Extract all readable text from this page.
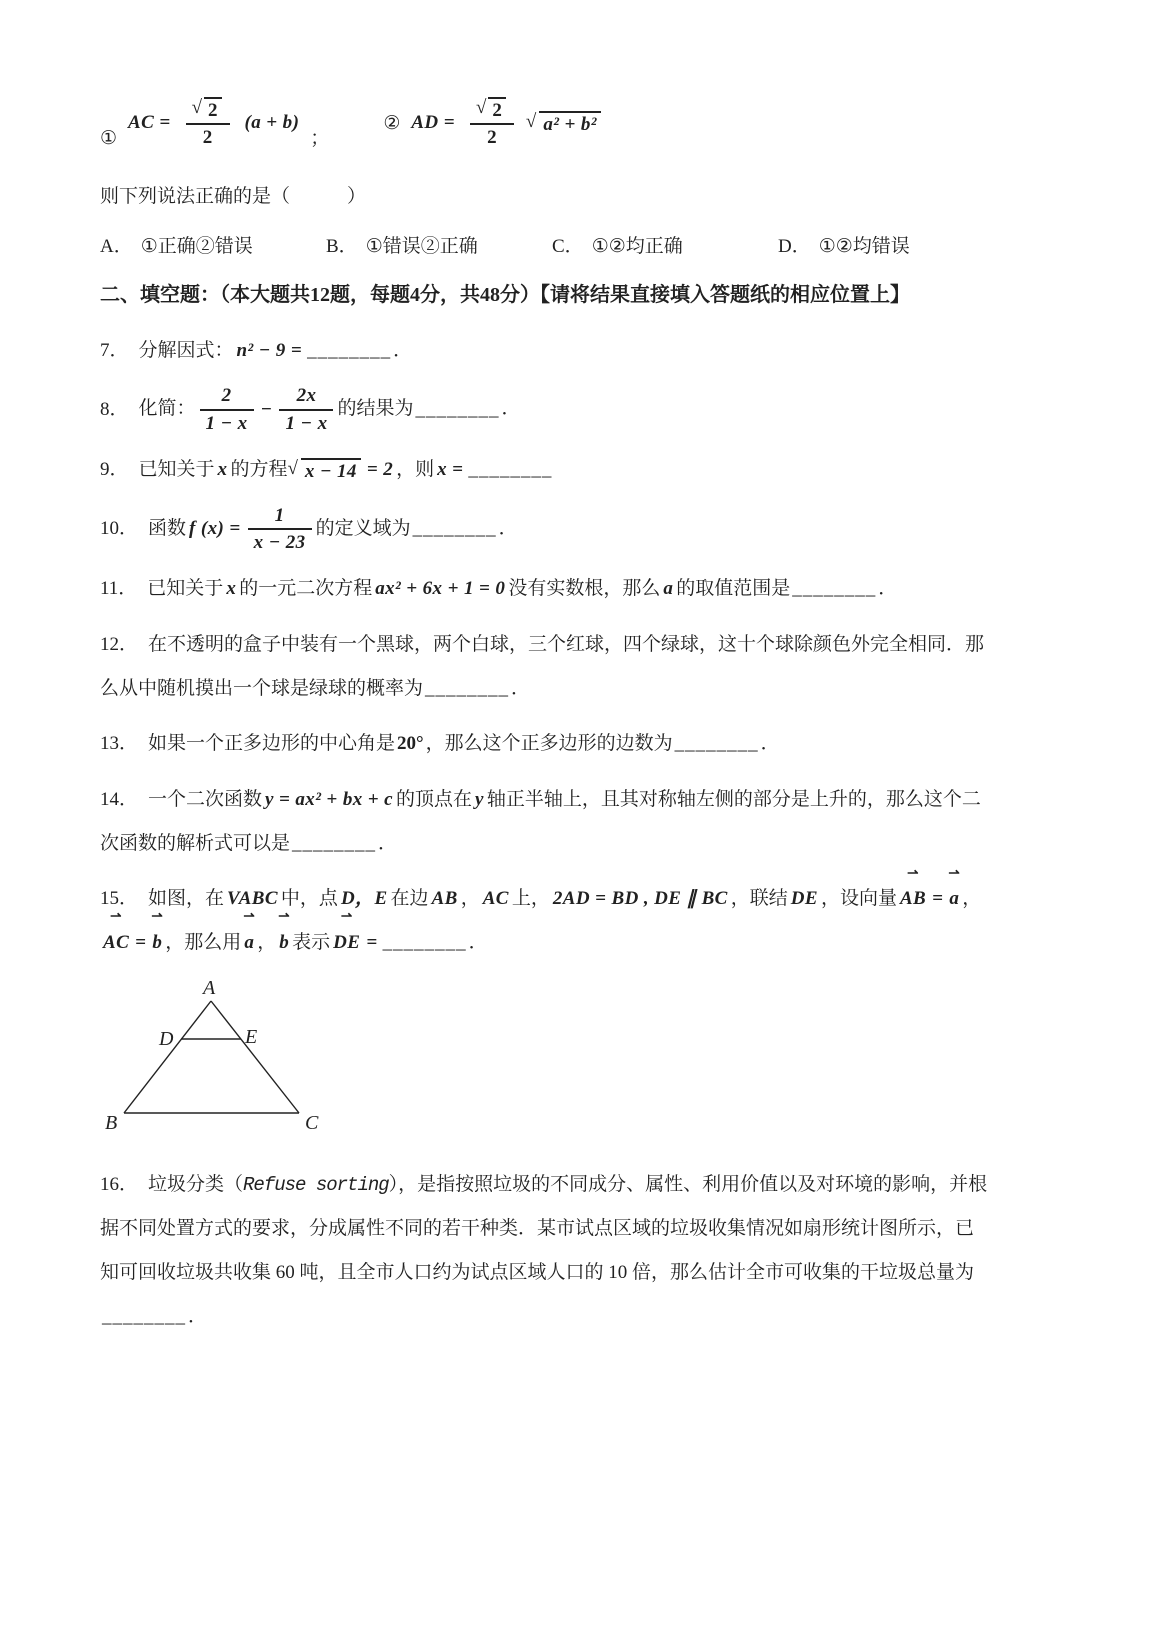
①
AC = $\frac{√ 2}{2} (a + b)$
；
② AD = $\frac{√ 2}{2}$ √ a² + b²
则下列说法正确的是（　　　）
A． ①正确②错误	B． ①错误②正确	C． ①②均正确	D． ①②均错误
二、填空题：（本大题共12题，每题4分，共48分）【请将结果直接填入答题纸的相应位置上】
7． 分解因式： n² − 9 = ________ ．
8． 化简： $\frac{2}{1 - x} - \frac{2x}{1 - x}$ 的结果为 ________ ．
9． 已知关于 x 的方程 √ x − 14 = 2 ，则 x = ________
10． 函数 f $(x) = \frac{1}{x - 23}$ 的定义域为 ________ ．
11． 已知关于 x 的一元二次方程 ax² + 6x + 1 = 0 没有实数根，那么 a 的取值范围是 ________ ．
12． 在不透明的盒子中装有一个黑球，两个白球，三个红球，四个绿球，这十个球除颜色外完全相同．那
么从中随机摸出一个球是绿球的概率为 ________ ．
13． 如果一个正多边形的中心角是 20° ，那么这个正多边形的边数为 ________ ．
14． 一个二次函数 y = ax² + bx + c 的顶点在 y 轴正半轴上，且其对称轴左侧的部分是上升的，那么这个二
次函数的解析式可以是 ________ ．
15． 如图，在 VABC 中，点 D，E 在边 AB ， AC 上， 2AD = BD , DE ∥ BC ，联结 DE ，设向量
⇀
AB =
⇀
a ，
⇀
AC =
⇀
b ，那么用
⇀
a ，
⇀
b 表示
⇀
DE = ________ ．
A
D	E
B	C
16． 垃圾分类（Refuse sorting），是指按照垃圾的不同成分、属性、利用价值以及对环境的影响，并根
据不同处置方式的要求，分成属性不同的若干种类．某市试点区域的垃圾收集情况如扇形统计图所示，已
知可回收垃圾共收集 60 吨，且全市人口约为试点区域人口的 10 倍，那么估计全市可收集的干垃圾总量为
________ ．
